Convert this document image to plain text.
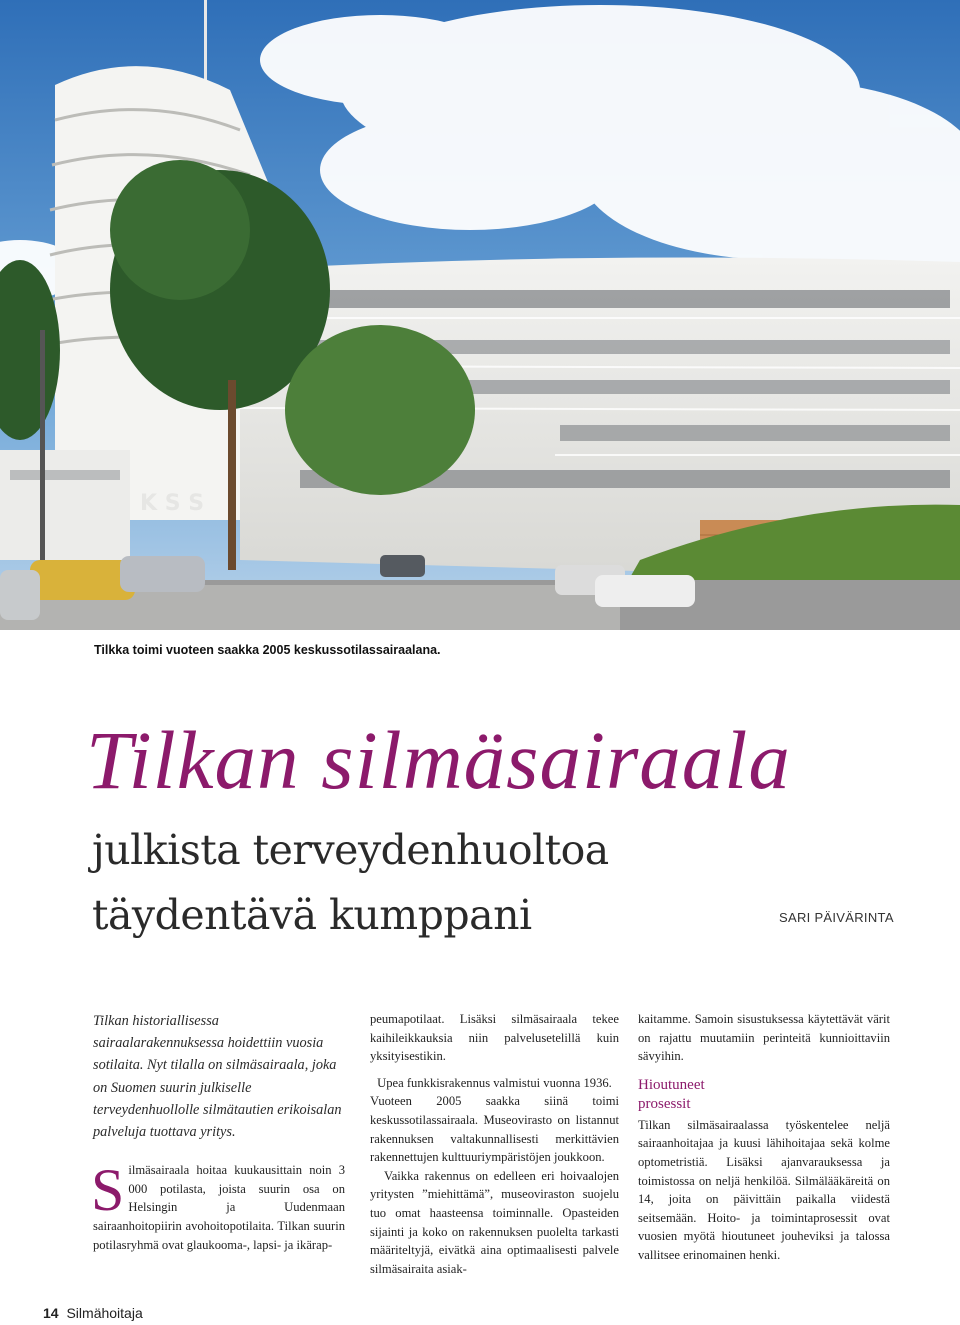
K S S
Tilkka toimi vuoteen saakka 2005 keskussotilassairaalana.
Tilkan silmäsairaala
julkista terveydenhuoltoa
täydentävä kumppani	SARI PÄIVÄRINTA

Tilkan historiallisessa sairaalarakennuksessa hoidettiin vuosia sotilaita. Nyt tilalla on silmäsairaala, joka on Suomen suurin julkiselle terveydenhuollolle silmätautien erikoisalan palveluja tuottava yritys.

S ilmäsairaala hoitaa kuukausittain noin 3 000 potilasta, joista suurin osa on Helsingin ja Uudenmaan sairaanhoitopiirin avohoitopotilaita. Tilkan suurin potilasryhmä ovat glaukooma-, lapsi- ja ikärap-

peumapotilaat. Lisäksi silmäsairaala tekee kaihileikkauksia niin palvelusetelillä kuin yksityisestikin.

Upea funkkisrakennus valmistui vuonna 1936.

Vuoteen 2005 saakka siinä toimi keskussotilassairaala. Museovirasto on listannut rakennuksen valtakunnallisesti merkittävien rakennettujen kulttuuriympäristöjen joukkoon.

Vaikka rakennus on edelleen eri hoivaalojen yritysten ”miehittämä”, museoviraston suojelu tuo omat haasteensa toiminnalle. Opasteiden sijainti ja koko on rakennuksen puolelta tarkasti määriteltyjä, eivätkä aina optimaalisesti palvele silmäsairaita asiak-

kaitamme. Samoin sisustuksessa käytettävät värit on rajattu muutamiin perinteitä kunnioittaviin sävyihin.

Hioutuneet
prosessit

Tilkan silmäsairaalassa työskentelee neljä sairaanhoitajaa ja kuusi lähihoitajaa sekä kolme optometristiä. Lisäksi ajanvarauksessa ja toimistossa on neljä henkilöä. Silmälääkäreitä on 14, joita on päivittäin paikalla viidestä seitsemään. Hoito- ja toimintaprosessit ovat vuosien myötä hioutuneet jouheviksi ja talossa vallitsee erinomainen henki.

14 Silmähoitaja
